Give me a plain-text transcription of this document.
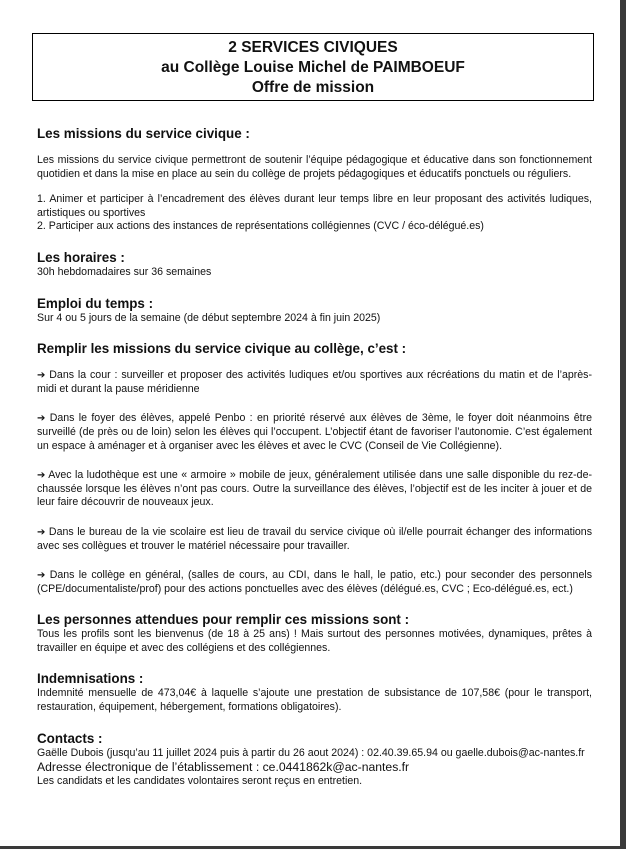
2 SERVICES CIVIQUES
au Collège Louise Michel de PAIMBOEUF
Offre de mission
Les missions du service civique :

Les missions du service civique permettront de soutenir l’équipe pédagogique et éducative dans son fonctionnement quotidien et dans la mise en place au sein du collège de projets pédagogiques et éducatifs ponctuels ou réguliers.

1. Animer et participer à l’encadrement des élèves durant leur temps libre en leur proposant des activités ludiques, artistiques ou sportives

2. Participer aux actions des instances de représentations collégiennes (CVC / éco-délégué.es)

Les horaires :

30h hebdomadaires sur 36 semaines

Emploi du temps :

Sur 4 ou 5 jours de la semaine (de début septembre 2024 à fin juin 2025)

Remplir les missions du service civique au collège, c’est :

➔ Dans la cour : surveiller et proposer des activités ludiques et/ou sportives aux récréations du matin et de l’après-midi et durant la pause méridienne

➔ Dans le foyer des élèves, appelé Penbo : en priorité réservé aux élèves de 3ème, le foyer doit néanmoins être surveillé (de près ou de loin) selon les élèves qui l’occupent. L’objectif étant de favoriser l’autonomie. C’est également un espace à aménager et à organiser avec les élèves et avec le CVC (Conseil de Vie Collégienne).

➔ Avec la ludothèque est une « armoire » mobile de jeux, généralement utilisée dans une salle disponible du rez-de-chaussée lorsque les élèves n’ont pas cours. Outre la surveillance des élèves, l’objectif est de les inciter à jouer et de leur faire découvrir de nouveaux jeux.

➔ Dans le bureau de la vie scolaire est lieu de travail du service civique où il/elle pourrait échanger des informations avec ses collègues et trouver le matériel nécessaire pour travailler.

➔ Dans le collège en général, (salles de cours, au CDI, dans le hall, le patio, etc.) pour seconder des personnels (CPE/documentaliste/prof) pour des actions ponctuelles avec des élèves (délégué.es, CVC ; Eco-délégué.es, ect.)

Les personnes attendues pour remplir ces missions sont :

Tous les profils sont les bienvenus (de 18 à 25 ans) ! Mais surtout des personnes motivées, dynamiques, prêtes à travailler en équipe et avec des collégiens et des collégiennes.

Indemnisations :

Indemnité mensuelle de 473,04€ à laquelle s’ajoute une prestation de subsistance de 107,58€ (pour le transport, restauration, équipement, hébergement, formations obligatoires).

Contacts :

Gaëlle Dubois (jusqu’au 11 juillet 2024 puis à partir du 26 aout 2024) : 02.40.39.65.94 ou gaelle.dubois@ac-nantes.fr

Adresse électronique de l’établissement : ce.0441862k@ac-nantes.fr

Les candidats et les candidates volontaires seront reçus en entretien.
